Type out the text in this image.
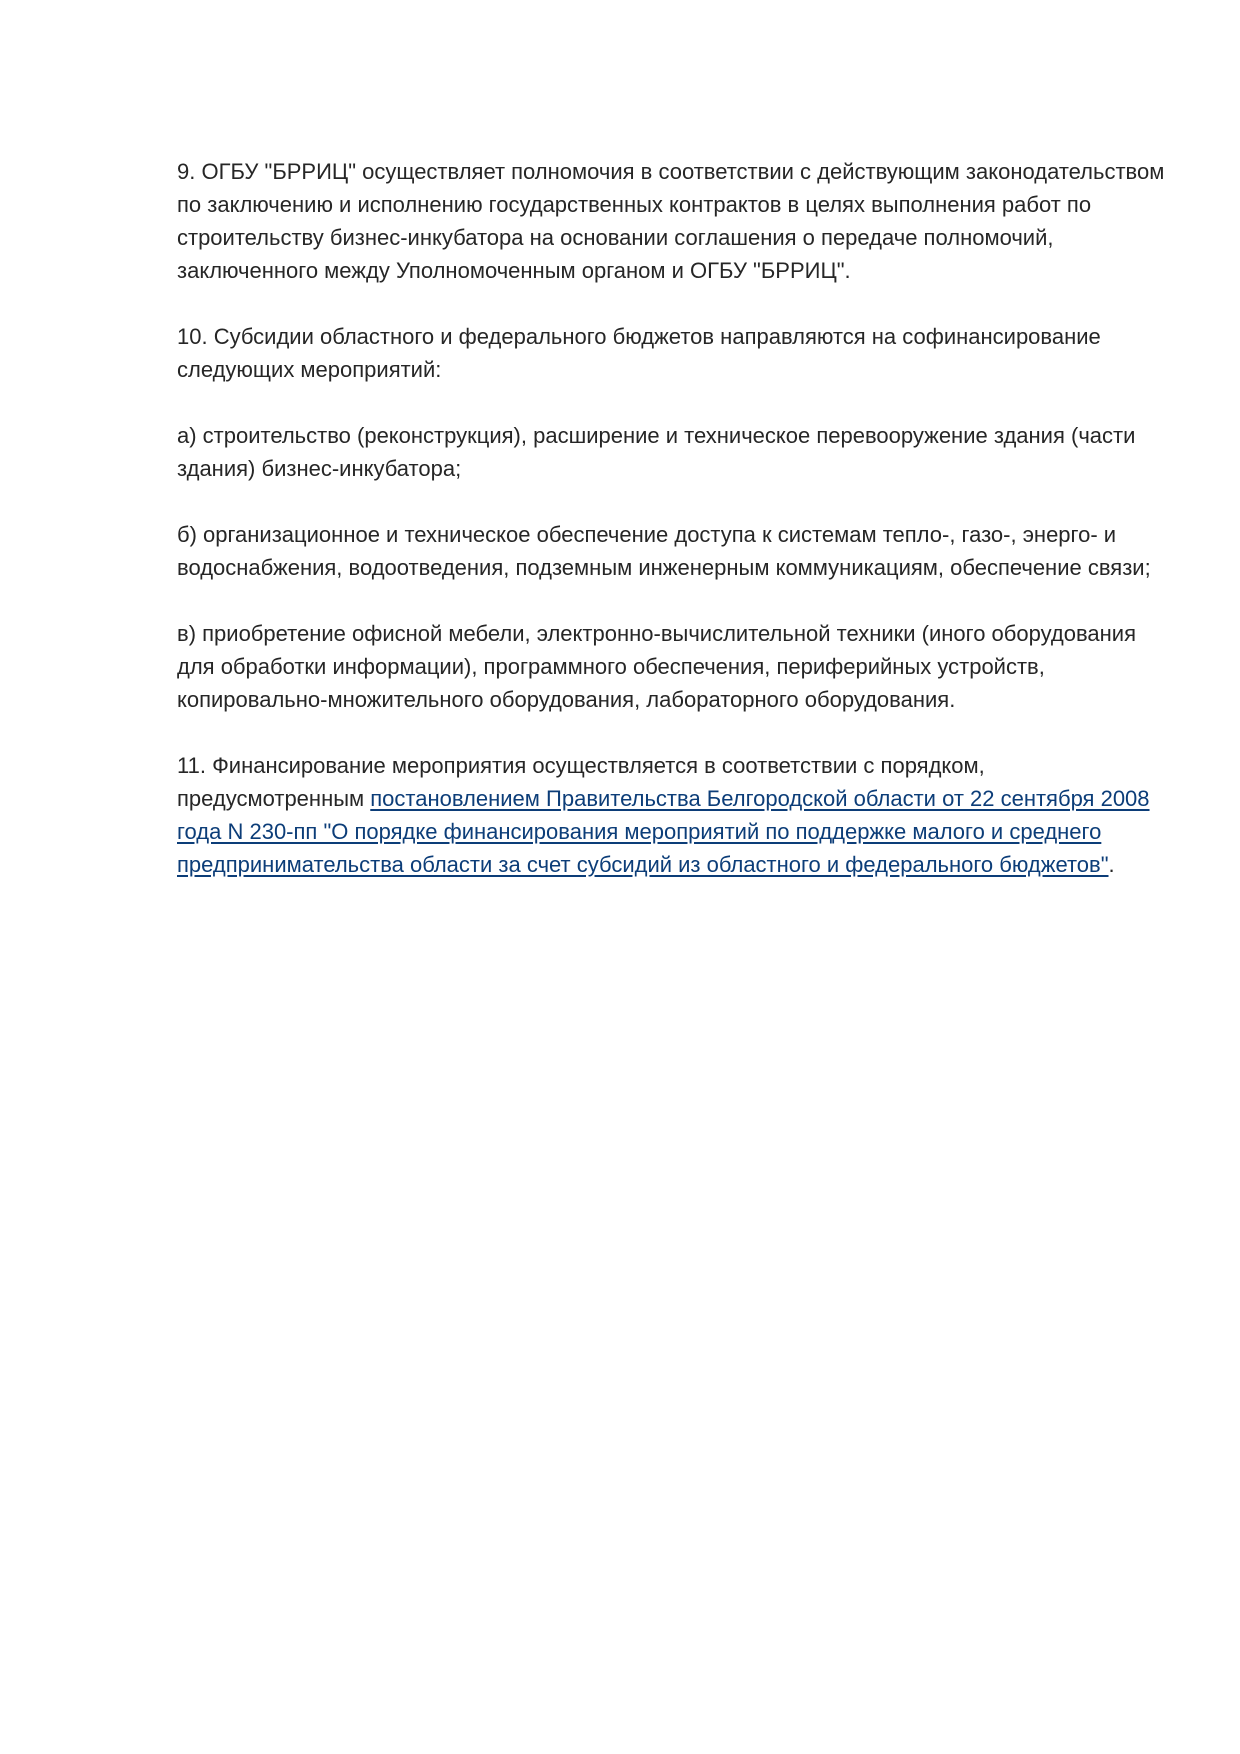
9. ОГБУ "БРРИЦ" осуществляет полномочия в соответствии с действующим законодательством по заключению и исполнению государственных контрактов в целях выполнения работ по строительству бизнес-инкубатора на основании соглашения о передаче полномочий, заключенного между Уполномоченным органом и ОГБУ "БРРИЦ".

10. Субсидии областного и федерального бюджетов направляются на софинансирование следующих мероприятий:

а) строительство (реконструкция), расширение и техническое перевооружение здания (части здания) бизнес-инкубатора;

б) организационное и техническое обеспечение доступа к системам тепло-, газо-, энерго- и водоснабжения, водоотведения, подземным инженерным коммуникациям, обеспечение связи;

в) приобретение офисной мебели, электронно-вычислительной техники (иного оборудования для обработки информации), программного обеспечения, периферийных устройств, копировально-множительного оборудования, лабораторного оборудования.

11. Финансирование мероприятия осуществляется в соответствии с порядком, предусмотренным постановлением Правительства Белгородской области от 22 сентября 2008 года N 230-пп "О порядке финансирования мероприятий по поддержке малого и среднего предпринимательства области за счет субсидий из областного и федерального бюджетов".
